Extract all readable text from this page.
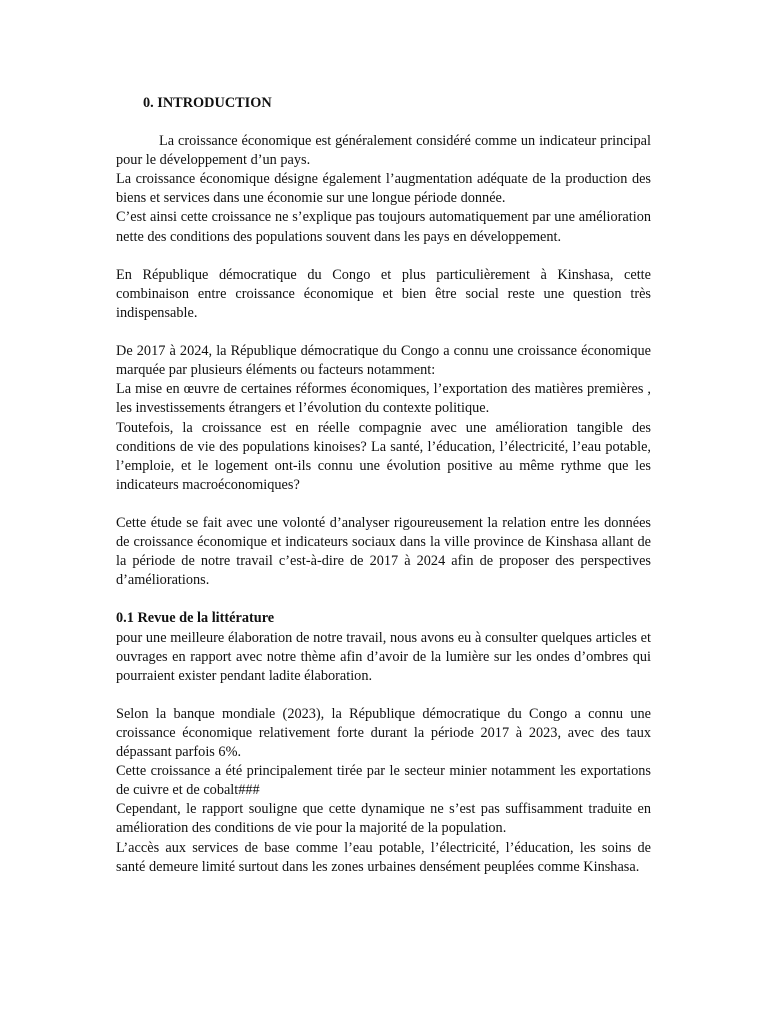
0. INTRODUCTION

La croissance économique est généralement considéré comme un indicateur principal pour le développement d’un pays.

La croissance économique désigne également l’augmentation adéquate de la production des biens et services dans une économie sur une longue période donnée.

C’est ainsi cette croissance ne s’explique pas toujours automatiquement par une amélioration nette des conditions des populations souvent dans les pays en développement.

En République démocratique du Congo et plus particulièrement à Kinshasa, cette combinaison entre croissance économique et bien être social reste une question très indispensable.

De 2017 à 2024, la République démocratique du Congo a connu une croissance économique marquée par plusieurs éléments ou facteurs notamment:

La mise en œuvre de certaines réformes économiques, l’exportation des matières premières , les investissements étrangers et l’évolution du contexte politique.

Toutefois, la croissance est en réelle compagnie avec une amélioration tangible des conditions de vie des populations kinoises? La santé, l’éducation, l’électricité, l’eau potable, l’emploie, et le logement ont-ils connu une évolution positive au même rythme que les indicateurs macroéconomiques?

Cette étude se fait avec une volonté d’analyser rigoureusement la relation entre les données de croissance économique et indicateurs sociaux dans la ville province de Kinshasa allant de la période de notre travail c’est-à-dire de 2017 à 2024 afin de proposer des perspectives d’améliorations.

0.1 Revue de la littérature

pour une meilleure élaboration de notre travail, nous avons eu à consulter quelques articles et ouvrages en rapport avec notre thème afin d’avoir de la lumière sur les ondes d’ombres qui pourraient exister pendant ladite élaboration.

Selon la banque mondiale (2023), la République démocratique du Congo a connu une croissance économique relativement forte durant la période 2017 à 2023, avec des taux dépassant parfois 6%.

Cette croissance a été principalement tirée par le secteur minier notamment les exportations de cuivre et de cobalt###

Cependant, le rapport souligne que cette dynamique ne s’est pas suffisamment traduite en amélioration des conditions de vie pour la majorité de la population.

L’accès aux services de base comme l’eau potable, l’électricité, l’éducation, les soins de santé demeure limité surtout dans les zones urbaines densément peuplées comme Kinshasa.
